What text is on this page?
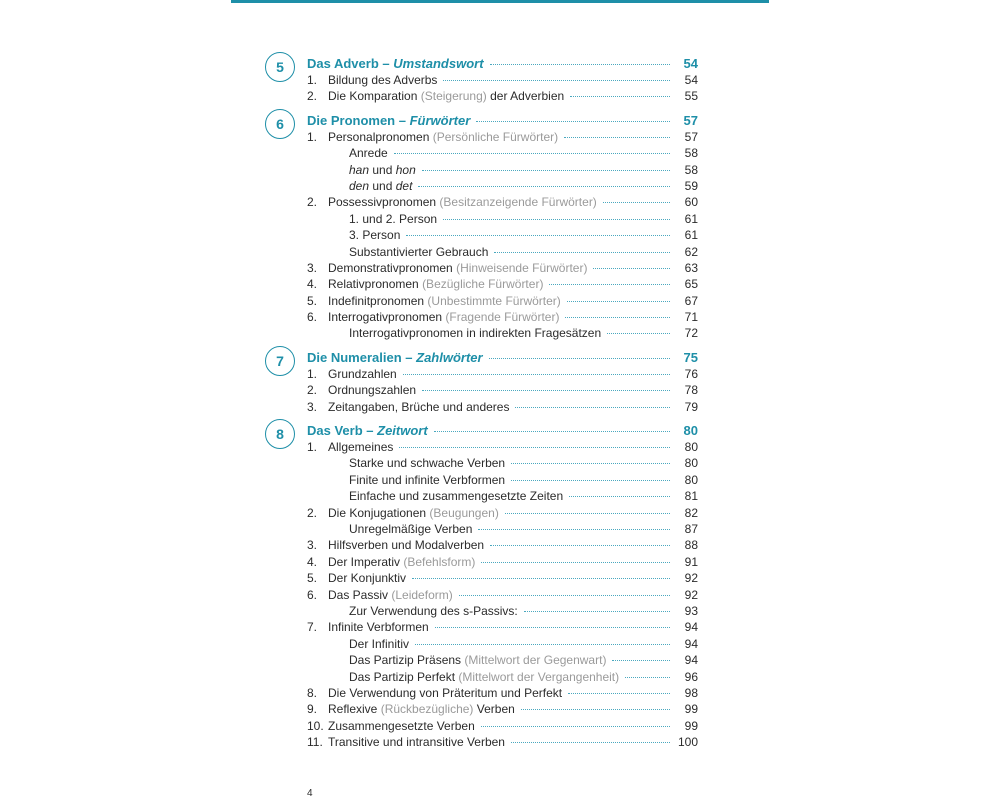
5	Das Adverb – Umstandswort	54
1. Bildung des Adverbs	54
2. Die Komparation (Steigerung) der Adverbien	55
6	Die Pronomen – Fürwörter	57
1. Personalpronomen (Persönliche Fürwörter)	57
Anrede	58
han und hon	58
den und det	59
2. Possessivpronomen (Besitzanzeigende Fürwörter)	60
1. und 2. Person	61
3. Person	61
Substantivierter Gebrauch	62
3. Demonstrativpronomen (Hinweisende Fürwörter)	63
4. Relativpronomen (Bezügliche Fürwörter)	65
5. Indefinitpronomen (Unbestimmte Fürwörter)	67
6. Interrogativpronomen (Fragende Fürwörter)	71
Interrogativpronomen in indirekten Fragesätzen	72
7	Die Numeralien – Zahlwörter	75
1. Grundzahlen	76
2. Ordnungszahlen	78
3. Zeitangaben, Brüche und anderes	79
8	Das Verb – Zeitwort	80
1. Allgemeines	80
Starke und schwache Verben	80
Finite und infinite Verbformen	80
Einfache und zusammengesetzte Zeiten	81
2. Die Konjugationen (Beugungen)	82
Unregelmäßige Verben	87
3. Hilfsverben und Modalverben	88
4. Der Imperativ (Befehlsform)	91
5. Der Konjunktiv	92
6. Das Passiv (Leideform)	92
Zur Verwendung des s-Passivs:	93
7. Infinite Verbformen	94
Der Infinitiv	94
Das Partizip Präsens (Mittelwort der Gegenwart)	94
Das Partizip Perfekt (Mittelwort der Vergangenheit)	96
8. Die Verwendung von Präteritum und Perfekt	98
9. Reflexive (Rückbezügliche) Verben	99
10. Zusammengesetzte Verben	99
11. Transitive und intransitive Verben	100
4
